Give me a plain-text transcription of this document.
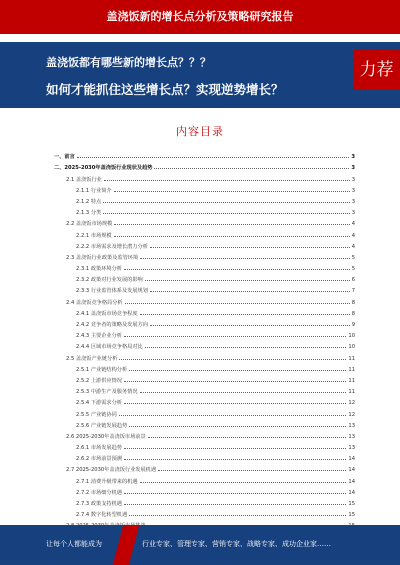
盖浇饭新的增长点分析及策略研究报告
盖浇饭都有哪些新的增长点？？？
如何才能抓住这些增长点？实现逆势增长？
力荐
内容目录
一、前言	3
二、2025-2030年盖浇饭行业现状及趋势	3
2.1 盖浇饭行业	3
2.1.1 行业简介	3
2.1.2 特点	3
2.1.3 分类	3
2.2 盖浇饭市场规模	4
2.2.1 市场规模	4
2.2.2 市场需求及增长潜力分析	4
2.3 盖浇饭行业政策及监管环境	5
2.3.1 政策环境分析	5
2.3.2 政策对行业发展的影响	6
2.3.3 行业监管体系及发展规划	7
2.4 盖浇饭竞争格局分析	8
2.4.1 盖浇饭市场竞争程度	8
2.4.2 竞争者的策略及发展方向	9
2.4.3 主要企业分析	10
2.4.4 区域市场竞争格局对比	10
2.5 盖浇饭产业链分析	11
2.5.1 产业链结构分析	11
2.5.2 上游供应情况	11
2.5.3 中游生产及服务情况	11
2.5.4 下游需求分析	12
2.5.5 产业链协同	12
2.5.6 产业链发展趋势	13
2.6 2025-2030年盖浇饭市场前景	13
2.6.1 市场发展趋势	13
2.6.2 市场前景预测	14
2.7 2025-2030年盖浇饭行业发展机遇	14
2.7.1 消费升级带来的机遇	14
2.7.2 市场细分机遇	14
2.7.3 政策支持机遇	15
2.7.4 数字化转型机遇	15
让每个人都能成为	行业专家、管理专家、营销专家、战略专家、成功企业家……
